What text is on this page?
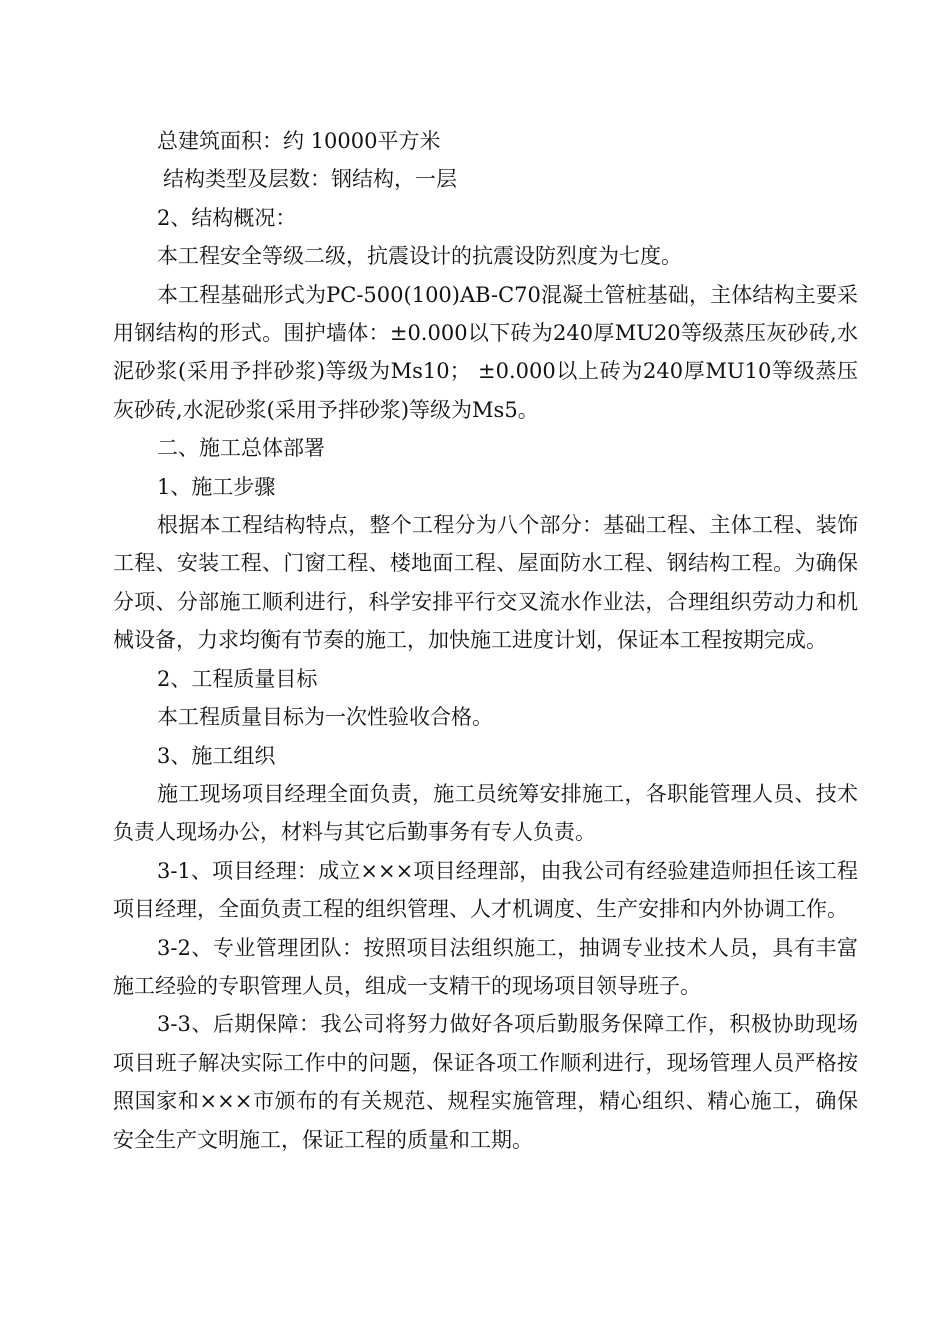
总建筑面积：约 10000平方米

结构类型及层数：钢结构，一层

2、结构概况：

本工程安全等级二级，抗震设计的抗震设防烈度为七度。

本工程基础形式为PC-500(100)AB-C70混凝土管桩基础，主体结构主要采用钢结构的形式。围护墙体：±0.000以下砖为240厚MU20等级蒸压灰砂砖,水泥砂浆(采用予拌砂浆)等级为Ms10； ±0.000以上砖为240厚MU10等级蒸压灰砂砖,水泥砂浆(采用予拌砂浆)等级为Ms5。

二、施工总体部署

1、施工步骤

根据本工程结构特点，整个工程分为八个部分：基础工程、主体工程、装饰工程、安装工程、门窗工程、楼地面工程、屋面防水工程、钢结构工程。为确保分项、分部施工顺利进行，科学安排平行交叉流水作业法，合理组织劳动力和机械设备，力求均衡有节奏的施工，加快施工进度计划，保证本工程按期完成。

2、工程质量目标

本工程质量目标为一次性验收合格。

3、施工组织

施工现场项目经理全面负责，施工员统筹安排施工，各职能管理人员、技术负责人现场办公，材料与其它后勤事务有专人负责。

3-1、项目经理：成立×××项目经理部，由我公司有经验建造师担任该工程项目经理，全面负责工程的组织管理、人才机调度、生产安排和内外协调工作。

3-2、专业管理团队：按照项目法组织施工，抽调专业技术人员，具有丰富施工经验的专职管理人员，组成一支精干的现场项目领导班子。

3-3、后期保障：我公司将努力做好各项后勤服务保障工作，积极协助现场项目班子解决实际工作中的问题，保证各项工作顺利进行，现场管理人员严格按照国家和×××市颁布的有关规范、规程实施管理，精心组织、精心施工，确保安全生产文明施工，保证工程的质量和工期。
